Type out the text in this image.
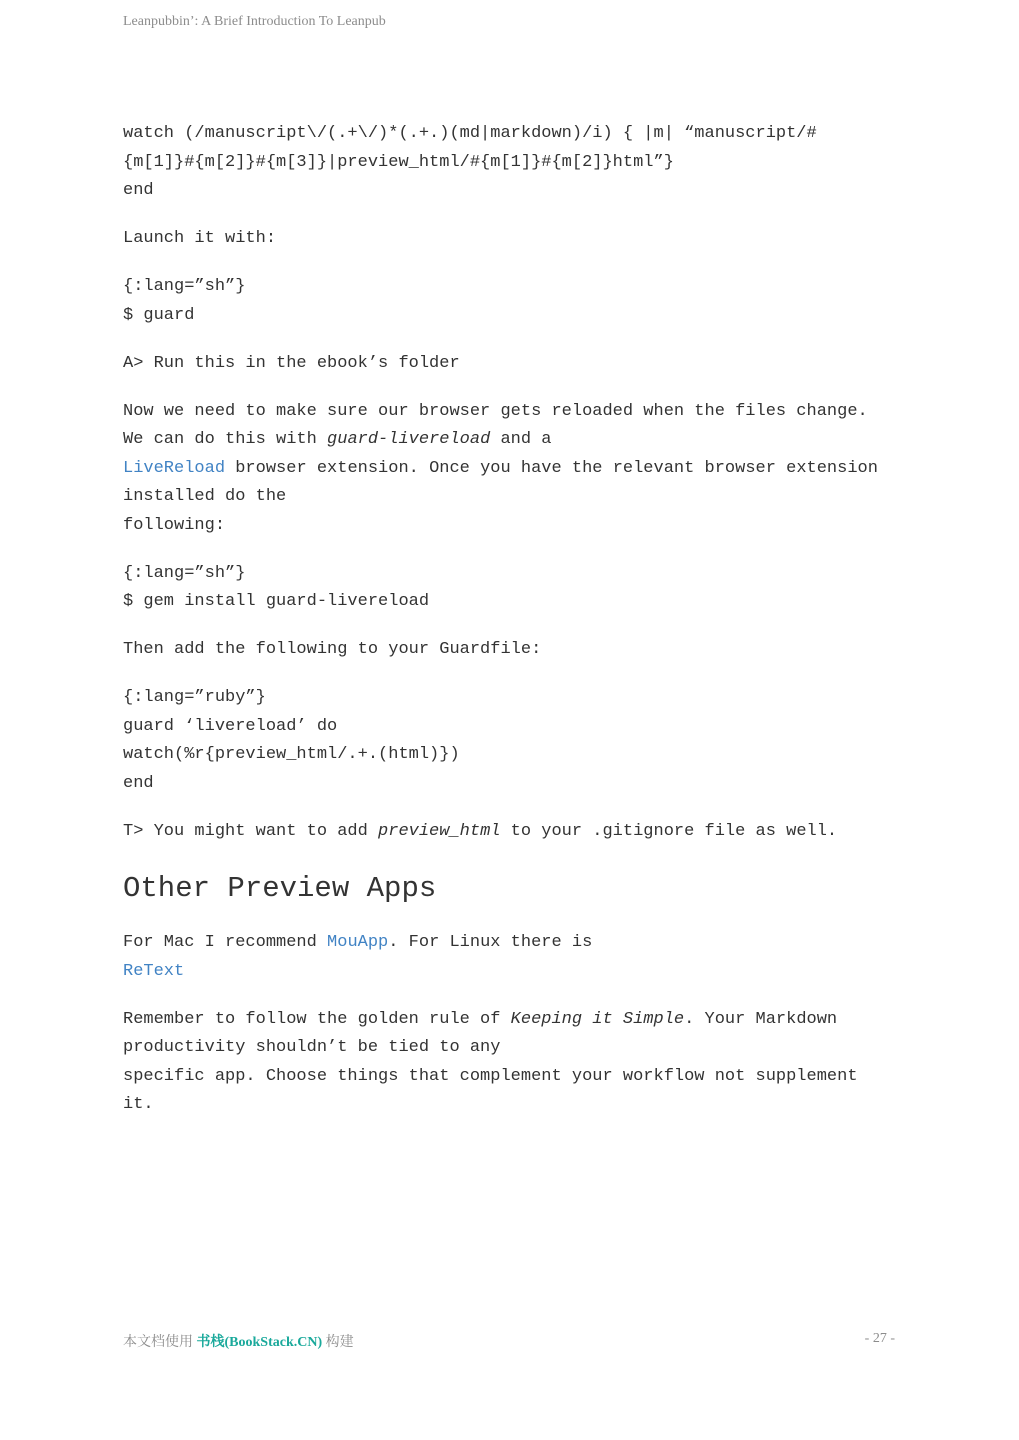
Leanpubbin’: A Brief Introduction To Leanpub

watch (/manuscript\/(.+\/)*(.+.)(md|markdown)/i) { |m| “manuscript/#
{m[1]}#{m[2]}#{m[3]}|preview_html/#{m[1]}#{m[2]}html”}
end

Launch it with:

{:lang=”sh”}
$ guard

A> Run this in the ebook’s folder

Now we need to make sure our browser gets reloaded when the files change.
We can do this with guard-livereload and a
LiveReload browser extension. Once you have the relevant browser extension
installed do the
following:

{:lang=”sh”}
$ gem install guard-livereload

Then add the following to your Guardfile:

{:lang=”ruby”}
guard ‘livereload’ do
watch(%r{preview_html/.+.(html)})
end

T> You might want to add preview_html to your .gitignore file as well.

Other Preview Apps

For Mac I recommend MouApp. For Linux there is
ReText

Remember to follow the golden rule of Keeping it Simple. Your Markdown
productivity shouldn’t be tied to any
specific app. Choose things that complement your workflow not supplement
it.

本文档使用 书栈(BookStack.CN) 构建	- 27 -
